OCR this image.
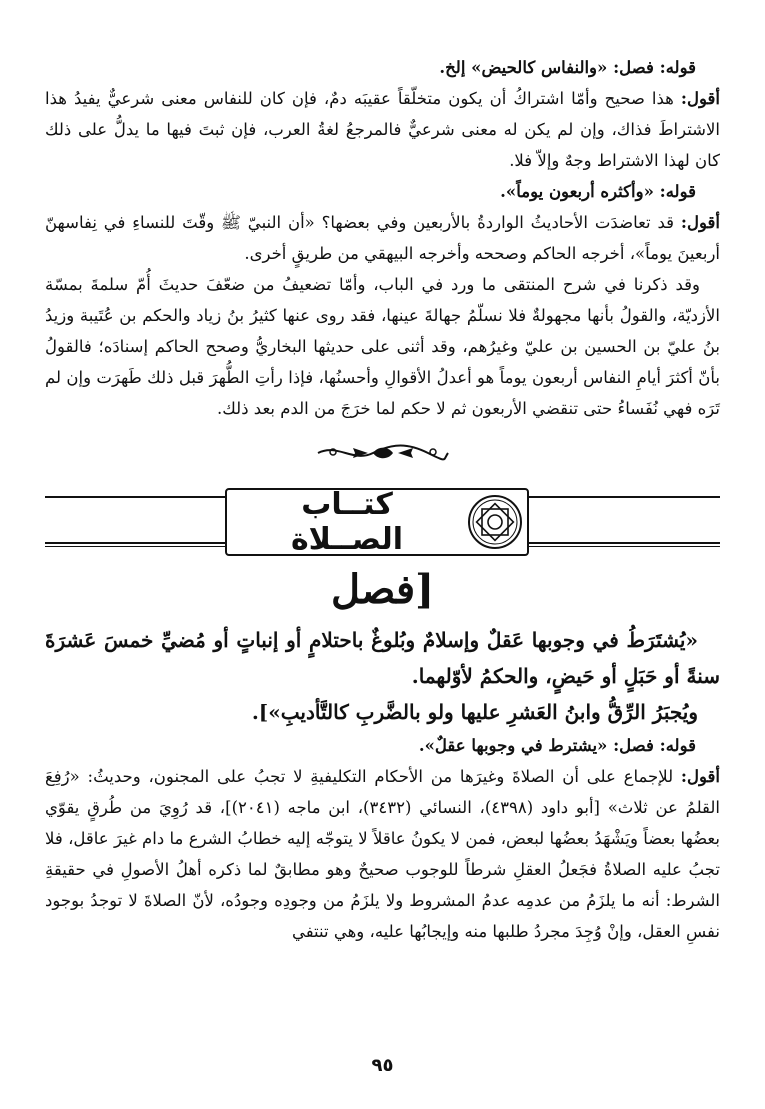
قوله: فصل: «والنفاس كالحيض» إلخ.

أقول: هذا صحيح وأمّا اشتراكُ أن يكون متخلّقاً عقيبَه دمٌ، فإن كان للنفاس معنى شرعيٌّ يفيدُ هذا الاشتراطَ فذاك، وإن لم يكن له معنى شرعيٌّ فالمرجعُ لغةُ العرب، فإن ثبتَ فيها ما يدلُّ على ذلك كان لهذا الاشتراط وجهٌ وإلاّ فلا.

قوله: «وأكثره أربعون يوماً».

أقول: قد تعاضدَت الأحاديثُ الواردةُ بالأربعين وفي بعضها؟ «أن النبيّ ﷺ وقّتَ للنساءِ في نِفاسهنّ أربعينَ يوماً»، أخرجه الحاكم وصححه وأخرجه البيهقي من طريقٍ أخرى.

وقد ذكرنا في شرح المنتقى ما ورد في الباب، وأمّا تضعيفُ من ضعّفَ حديثَ أُمّ سلمةَ بمسّة الأزديّة، والقولُ بأنها مجهولةٌ فلا نسلّمُ جهالةَ عينها، فقد روى عنها كثيرُ بنُ زياد والحكم بن عُتَيبة وزيدُ بنُ عليّ بن الحسين بن عليّ وغيرُهم، وقد أثنى على حديثها البخاريُّ وصحح الحاكم إسنادَه؛ فالقولُ بأنّ أكثرَ أيامِ النفاس أربعون يوماً هو أعدلُ الأقوالِ وأحسنُها، فإذا رأتِ الطُّهرَ قبل ذلك طَهرَت وإن لم تَرَه فهي نُفَساءُ حتى تنقضي الأربعون ثم لا حكم لما خرَجَ من الدم بعد ذلك.

كتــاب الصــلاة
[فصل

«يُشتَرَطُ في وجوبها عَقلٌ وإسلامٌ وبُلوغٌ باحتلامٍ أو إنباتٍ أو مُضيِّ خمسَ عَشرَةَ سنةً أو حَبَلٍ أو حَيضٍ، والحكمُ لأوّلهما.

ويُجبَرُ الرِّقُّ وابنُ العَشرِ عليها ولو بالضَّربِ كالتَّأديبِ»].

قوله: فصل: «يشترط في وجوبها عقلٌ».

أقول: للإجماع على أن الصلاةَ وغيرَها من الأحكام التكليفيةِ لا تجبُ على المجنون، وحديثُ: «رُفِعَ القلمُ عن ثلاث» [أبو داود (٤٣٩٨)، النسائي (٣٤٣٢)، ابن ماجه (٢٠٤١)]، قد رُوِيَ من طُرقٍ يقوّي بعضُها بعضاً ويَشْهَدُ بعضُها لبعض، فمن لا يكونُ عاقلاً لا يتوجّه إليه خطابُ الشرع ما دام غيرَ عاقل، فلا تجبُ عليه الصلاةُ فجَعلُ العقلِ شرطاً للوجوب صحيحٌ وهو مطابقٌ لما ذكره أهلُ الأصولِ في حقيقةِ الشرط: أنه ما يلزَمُ من عدمِه عدمُ المشروط ولا يلزَمُ من وجودِه وجودُه، لأنّ الصلاةَ لا توجدُ بوجود نفسِ العقل، وإنْ وُجِدَ مجردُ طلبها منه وإيجابُها عليه، وهي تنتفي

٩٥
